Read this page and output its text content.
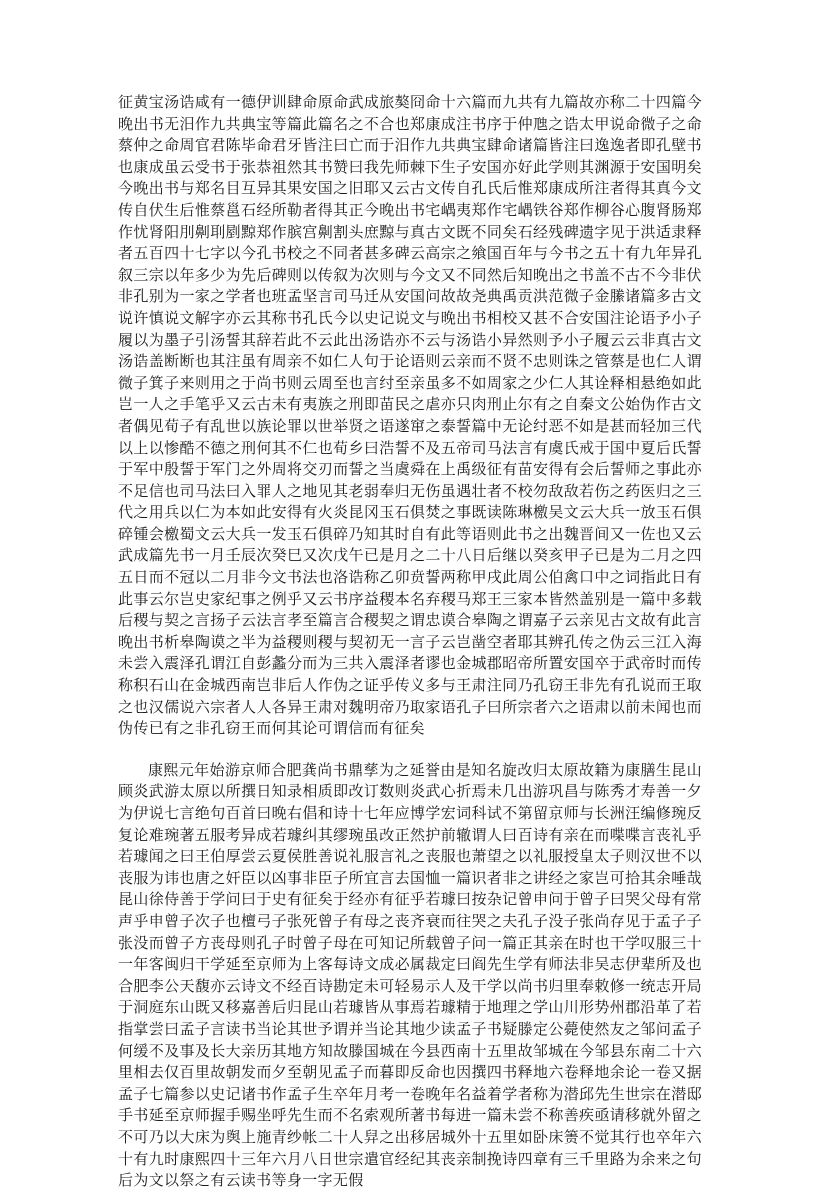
征黄宝汤诰咸有一德伊训肆命原命武成旅獒冏命十六篇而九共有九篇故亦称二十四篇今晚出书无汨作九共典宝等篇此篇名之不合也郑康成注书序于仲虺之诰太甲说命微子之命蔡仲之命周官君陈毕命君牙皆注曰亡而于汨作九共典宝肆命诸篇皆注曰逸逸者即孔壁书也康成虽云受书于张恭祖然其书赞曰我先师棘下生子安国亦好此学则其渊源于安国明矣今晚出书与郑名目互异其果安国之旧耶又云古文传自孔氏后惟郑康成所注者得其真今文传自伏生后惟蔡邕石经所勒者得其正今晚出书宅嵎夷郑作宅嵎铁谷郑作柳谷心腹肾肠郑作忧肾阳刖劓刵剭黥郑作膑宫劓割头庶黥与真古文既不同矣石经残碑遗字见于洪适隶释者五百四十七字以今孔书校之不同者甚多碑云高宗之飨国百年与今书之五十有九年异孔叙三宗以年多少为先后碑则以传叙为次则与今文又不同然后知晚出之书盖不古不今非伏非孔别为一家之学者也班孟坚言司马迁从安国问故故尧典禹贡洪范微子金縢诸篇多古文说许慎说文解字亦云其称书孔氏今以史记说文与晚出书相校又甚不合安国注论语予小子履以为墨子引汤誓其辞若此不云此出汤诰亦不云与汤诰小异然则予小子履云云非真古文汤诰盖断断也其注虽有周亲不如仁人句于论语则云亲而不贤不忠则诛之管蔡是也仁人谓微子箕子来则用之于尚书则云周至也言纣至亲虽多不如周家之少仁人其诠释相悬绝如此岂一人之手笔乎又云古未有夷族之刑即苗民之虐亦只肉刑止尔有之自秦文公始伪作古文者偶见荀子有乱世以族论罪以世举贤之语遂窜之泰誓篇中无论纣恶不如是甚而轻加三代以上以惨酷不德之刑何其不仁也荀乡曰浩誓不及五帝司马法言有虞氏戒于国中夏后氏誓于军中殷誓于军门之外周将交刃而誓之当虞舜在上禹级征有苗安得有会后誓师之事此亦不足信也司马法曰入罪人之地见其老弱奉归无伤虽遇壮者不校勿敌敌若伤之药医归之三代之用兵以仁为本如此安得有火炎昆冈玉石俱焚之事既读陈琳檄吴文云大兵一放玉石俱碎锺会檄蜀文云大兵一发玉石俱碎乃知其时自有此等语则此书之出魏晋间又一佐也又云武成篇先书一月壬辰次癸巳又次戊午已是月之二十八日后继以癸亥甲子已是为二月之四五日而不冠以二月非今文书法也洛诰称乙卯贲誓两称甲戌此周公伯禽口中之词指此日有此事云尔岂史家纪事之例乎又云书序益稷本名弃稷马郑王三家本皆然盖别是一篇中多载后稷与契之言扬子云法言孝至篇言合稷契之谓忠谟合皋陶之谓嘉子云亲见古文故有此言晚出书析皋陶谟之半为益稷则稷与契初无一言子云岂凿空者耶其辨孔传之伪云三江入海未尝入震泽孔谓江自彭蠡分而为三共入震泽者谬也金城郡昭帝所置安国卒于武帝时而传称积石山在金城西南岂非后人作伪之证乎传义多与王肃注同乃孔窃王非先有孔说而王取之也汉儒说六宗者人人各异王肃对魏明帝乃取家语孔子曰所宗者六之语肃以前未闻也而伪传已有之非孔窃王而何其论可谓信而有征矣

康熙元年始游京师合肥龚尚书鼎孳为之延誉由是知名旋改归太原故籍为康膳生昆山顾炎武游太原以所撰日知录相质即改订数则炎武心折焉未几出游巩昌与陈秀才寿善一夕为伊说七言绝句百首曰晚右倡和诗十七年应博学宏词科试不第留京师与长洲汪编修琬反复论难琬著五服考异成若璩纠其缪琬虽改正然护前辙谓人曰百诗有亲在而喋喋言丧礼乎若璩闻之曰王伯厚尝云夏侯胜善说礼服言礼之丧服也萧望之以礼服授皇太子则汉世不以丧服为讳也唐之奸臣以凶事非臣子所宜言去国恤一篇识者非之讲经之家岂可拾其余唾哉昆山徐侍善于学问曰于史有征矣于经亦有征乎若璩曰按杂记曾申问于曾子曰哭父母有常声乎申曾子次子也檀弓子张死曾子有母之丧齐衰而往哭之夫孔子没子张尚存见于孟子子张没而曾子方丧母则孔子时曾子母在可知记所载曾子问一篇正其亲在时也干学叹服三十一年客闽归干学延至京师为上客每诗文成必属裁定曰阎先生学有师法非吴志伊辈所及也合肥李公天馥亦云诗文不经百诗勘定未可轻易示人及干学以尚书归里奉敕修一统志开局于洞庭东山既又移嘉善后归昆山若璩皆从事焉若璩精于地理之学山川形势州郡沿革了若指掌尝曰孟子言读书当论其世予谓并当论其地少读孟子书疑滕定公薨使然友之邹问孟子何缓不及事及长大亲历其地方知故滕国城在今县西南十五里故邹城在今邹县东南二十六里相去仅百里故朝发而夕至朝见孟子而暮即反命也因撰四书释地六卷释地余论一卷又据孟子七篇参以史记诸书作孟子生卒年月考一卷晚年名益着学者称为潜邱先生世宗在潜邸手书延至京师握手赐坐呼先生而不名索观所著书每进一篇未尝不称善疾亟请移就外留之不可乃以大床为舆上施青纱帐二十人舁之出移居城外十五里如卧床箦不觉其行也卒年六十有九时康熙四十三年六月八日世宗遣官经纪其丧亲制挽诗四章有三千里路为余来之句后为文以祭之有云读书等身一字无假
